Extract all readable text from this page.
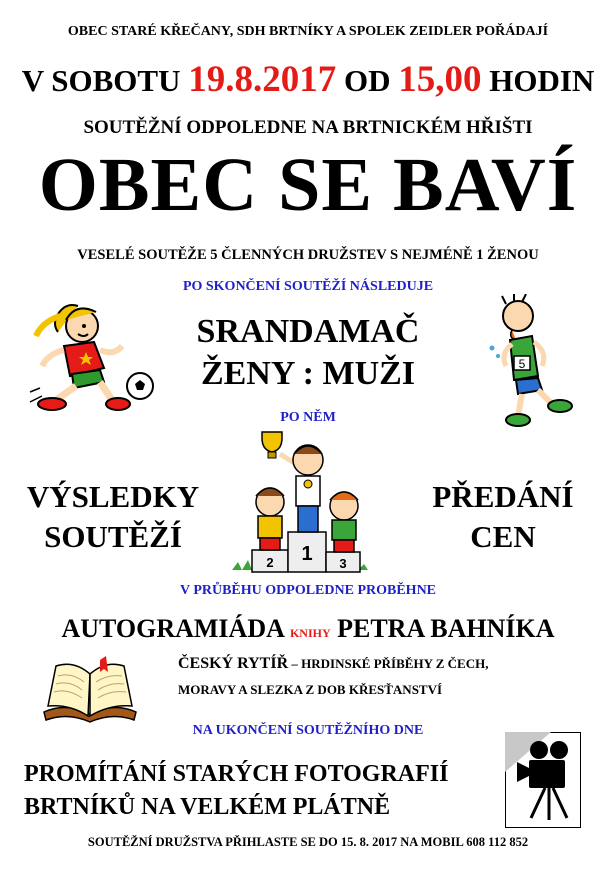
OBEC STARÉ KŘEČANY, SDH BRTNÍKY A SPOLEK ZEIDLER POŘÁDAJÍ
V SOBOTU 19.8.2017 OD 15,00 HODIN
SOUTĚŽNÍ ODPOLEDNE NA BRTNICKÉM HŘIŠTI
OBEC SE BAVÍ
VESELÉ SOUTĚŽE 5 ČLENNÝCH DRUŽSTEV S NEJMÉNĚ 1 ŽENOU
PO SKONČENÍ SOUTĚŽÍ NÁSLEDUJE
SRANDAMAČ
ŽENY : MUŽI	5
PO NĚM
VÝSLEDKY
SOUTĚŽÍ
PŘEDÁNÍ
CEN
2 1 3
V PRŮBĚHU ODPOLEDNE PROBĚHNE
AUTOGRAMIÁDA KNIHY PETRA BAHNÍKA
ČESKÝ RYTÍŘ – HRDINSKÉ PŘÍBĚHY Z ČECH,
MORAVY A SLEZKA Z DOB KŘESŤANSTVÍ
NA UKONČENÍ SOUTĚŽNÍHO DNE
PROMÍTÁNÍ STARÝCH FOTOGRAFIÍ
BRTNÍKŮ NA VELKÉM PLÁTNĚ
SOUTĚŽNÍ DRUŽSTVA PŘIHLASTE SE DO 15. 8. 2017 NA MOBIL 608 112 852
